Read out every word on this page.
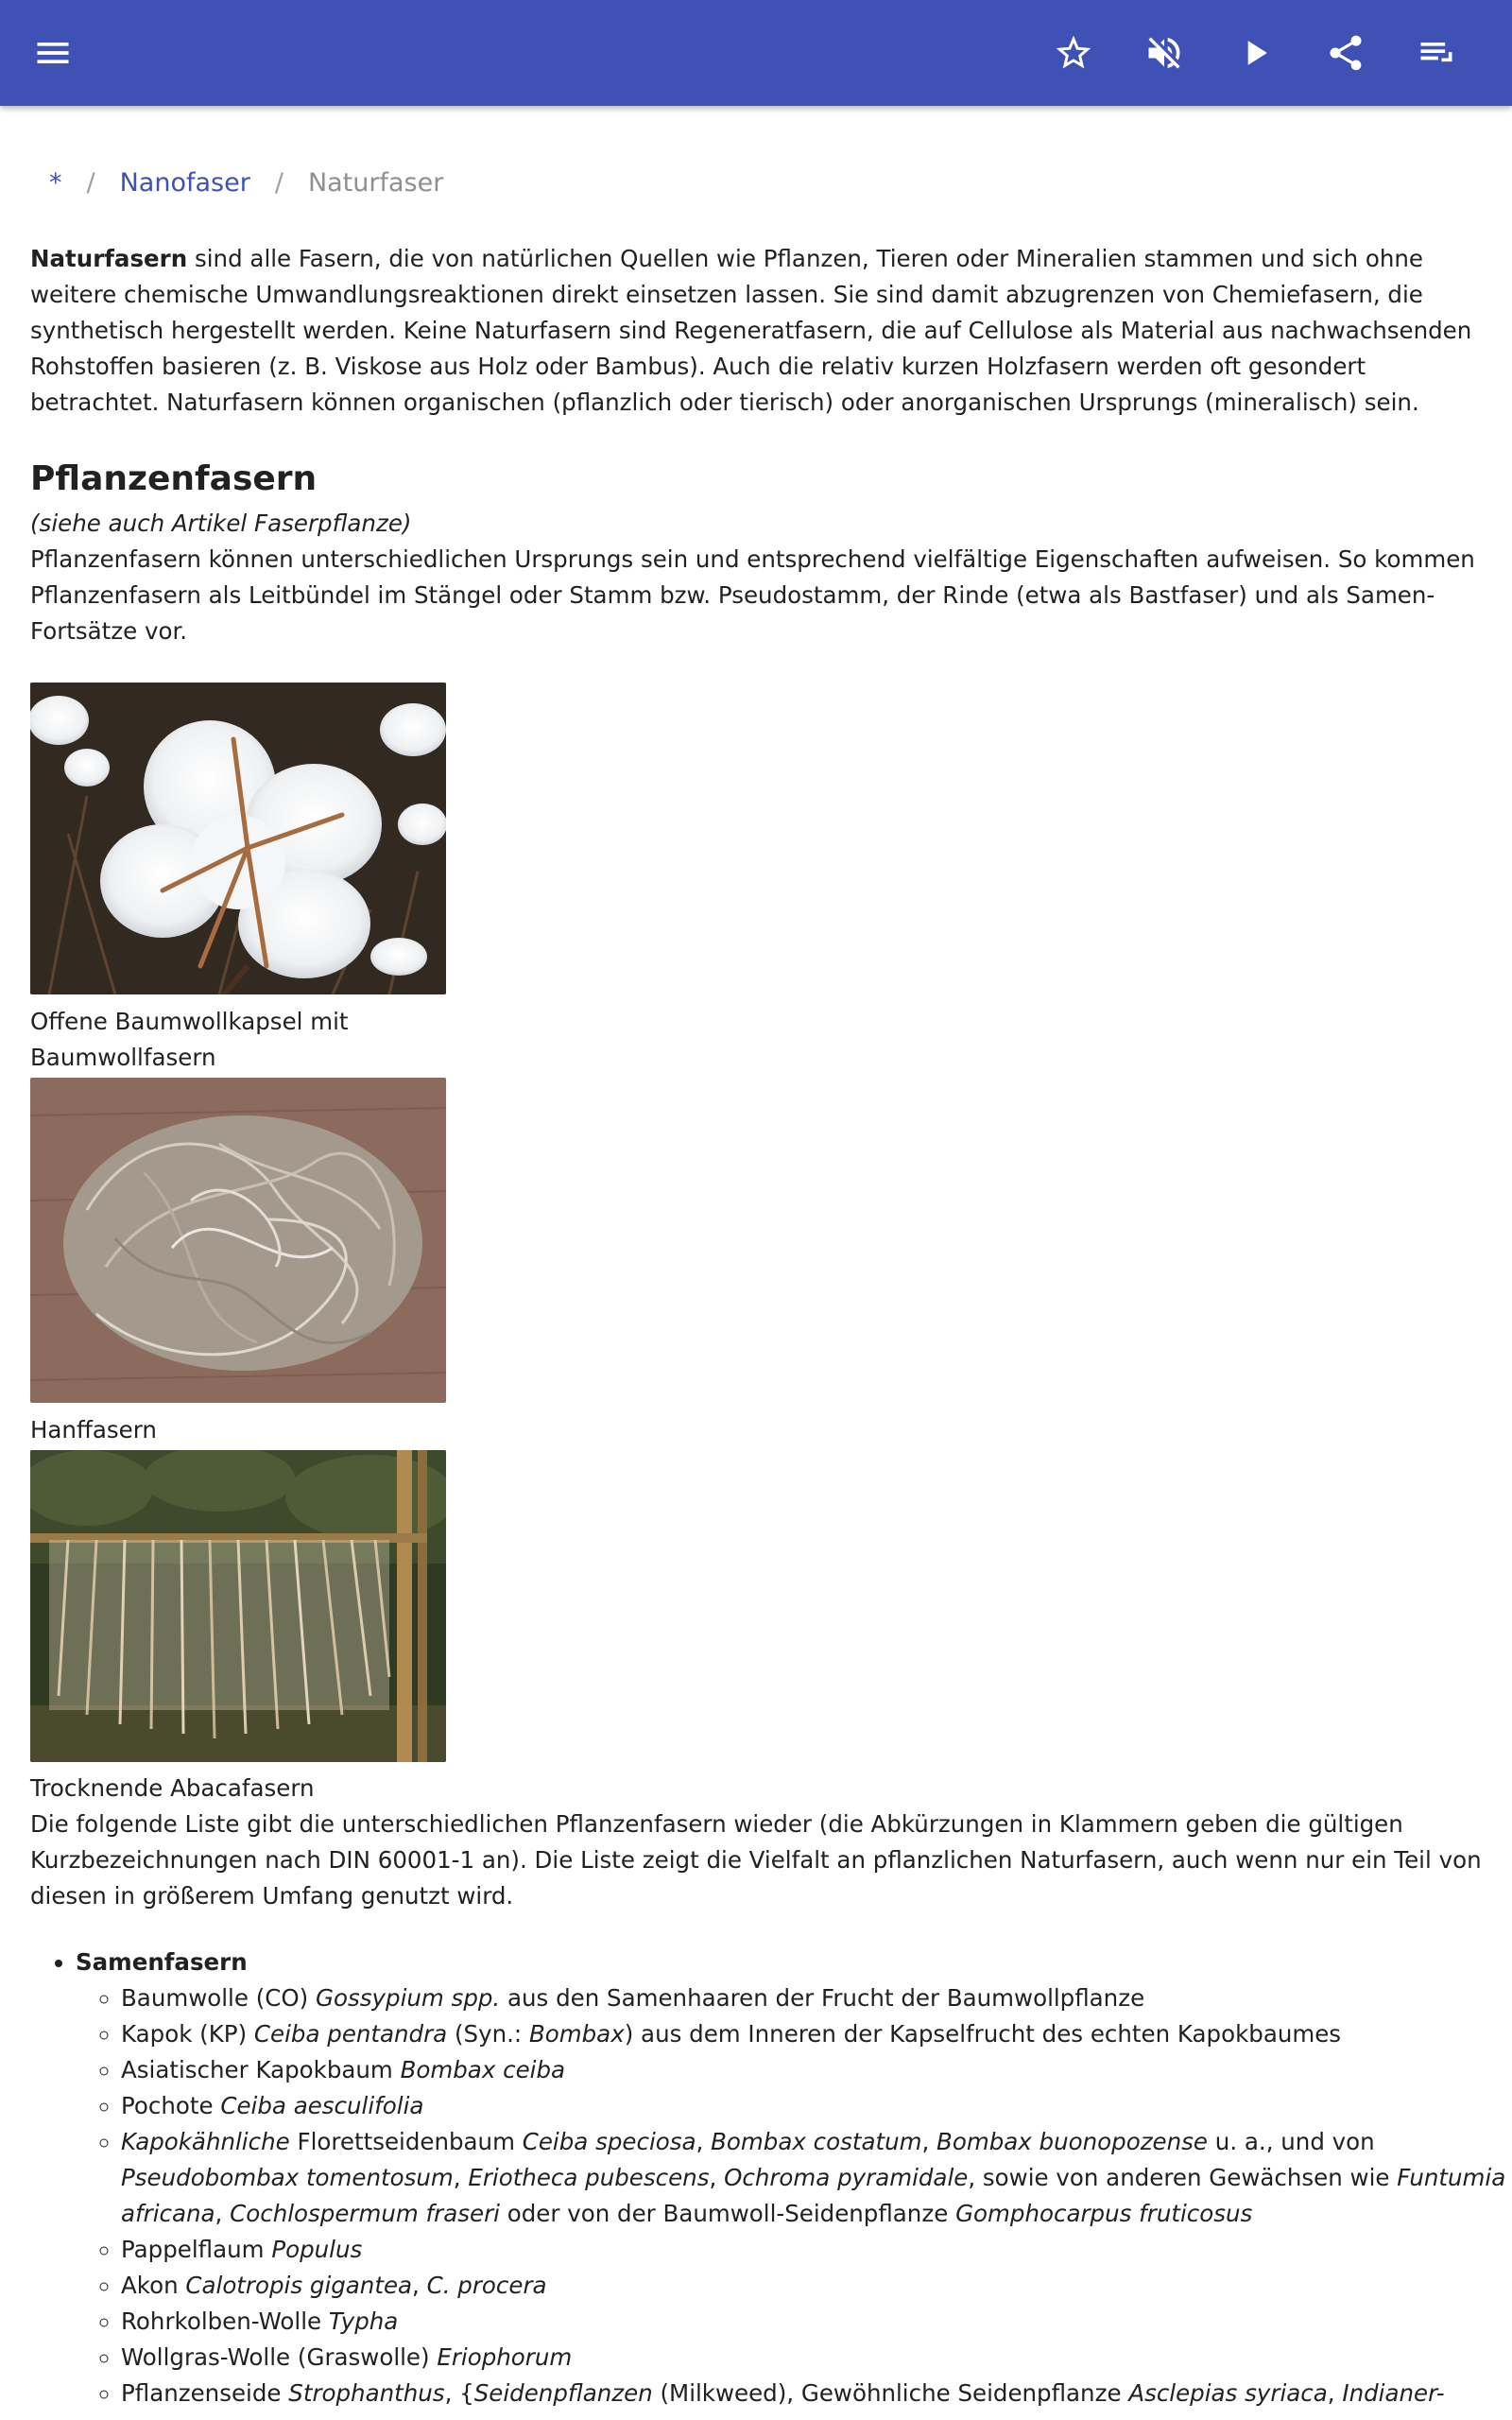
* / Nanofaser / Naturfaser

Naturfasern sind alle Fasern, die von natürlichen Quellen wie Pflanzen, Tieren oder Mineralien stammen und sich ohne weitere chemische Umwandlungsreaktionen direkt einsetzen lassen. Sie sind damit abzugrenzen von Chemiefasern, die synthetisch hergestellt werden. Keine Naturfasern sind Regeneratfasern, die auf Cellulose als Material aus nachwachsenden Rohstoffen basieren (z. B. Viskose aus Holz oder Bambus). Auch die relativ kurzen Holzfasern werden oft gesondert betrachtet. Naturfasern können organischen (pflanzlich oder tierisch) oder anorganischen Ursprungs (mineralisch) sein.

Pflanzenfasern
(siehe auch Artikel Faserpflanze)

Pflanzenfasern können unterschiedlichen Ursprungs sein und entsprechend vielfältige Eigenschaften aufweisen. So kommen Pflanzenfasern als Leitbündel im Stängel oder Stamm bzw. Pseudostamm, der Rinde (etwa als Bastfaser) und als Samen-Fortsätze vor.

Offene Baumwollkapsel mit Baumwollfasern
Hanffasern
Trocknende Abacafasern

Die folgende Liste gibt die unterschiedlichen Pflanzenfasern wieder (die Abkürzungen in Klammern geben die gültigen Kurzbezeichnungen nach DIN 60001-1 an). Die Liste zeigt die Vielfalt an pflanzlichen Naturfasern, auch wenn nur ein Teil von diesen in größerem Umfang genutzt wird.

• Samenfasern
◦ Baumwolle (CO) Gossypium spp. aus den Samenhaaren der Frucht der Baumwollpflanze
◦ Kapok (KP) Ceiba pentandra (Syn.: Bombax) aus dem Inneren der Kapselfrucht des echten Kapokbaumes
◦ Asiatischer Kapokbaum Bombax ceiba
◦ Pochote Ceiba aesculifolia
◦ Kapokähnliche Florettseidenbaum Ceiba speciosa, Bombax costatum, Bombax buonopozense u. a., und von Pseudobombax tomentosum, Eriotheca pubescens, Ochroma pyramidale, sowie von anderen Gewächsen wie Funtumia africana, Cochlospermum fraseri oder von der Baumwoll-Seidenpflanze Gomphocarpus fruticosus
◦ Pappelflaum Populus
◦ Akon Calotropis gigantea, C. procera
◦ Rohrkolben-Wolle Typha
◦ Wollgras-Wolle (Graswolle) Eriophorum
◦ Pflanzenseide Strophanthus, {Seidenpflanzen (Milkweed), Gewöhnliche Seidenpflanze Asclepias syriaca, Indianer-
